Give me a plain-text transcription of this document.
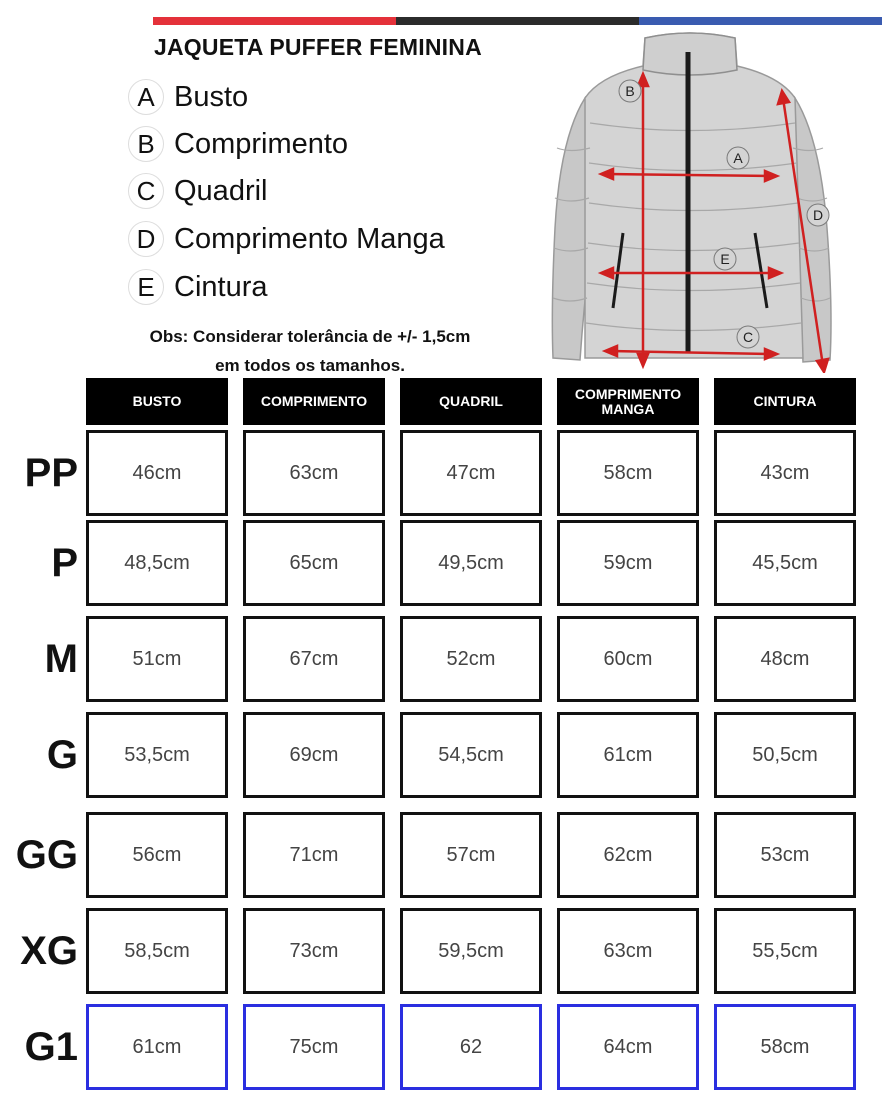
JAQUETA PUFFER FEMININA
A Busto
B Comprimento
C Quadril
D Comprimento Manga
E Cintura
Obs: Considerar tolerância de +/- 1,5cm
em todos os tamanhos.
B
A
D
E
C
BUSTO	COMPRIMENTO	QUADRIL	COMPRIMENTO MANGA	CINTURA
PP	46cm	63cm	47cm	58cm	43cm
P	48,5cm	65cm	49,5cm	59cm	45,5cm
M	51cm	67cm	52cm	60cm	48cm
G	53,5cm	69cm	54,5cm	61cm	50,5cm
GG	56cm	71cm	57cm	62cm	53cm
XG	58,5cm	73cm	59,5cm	63cm	55,5cm
G1	61cm	75cm	62	64cm	58cm
